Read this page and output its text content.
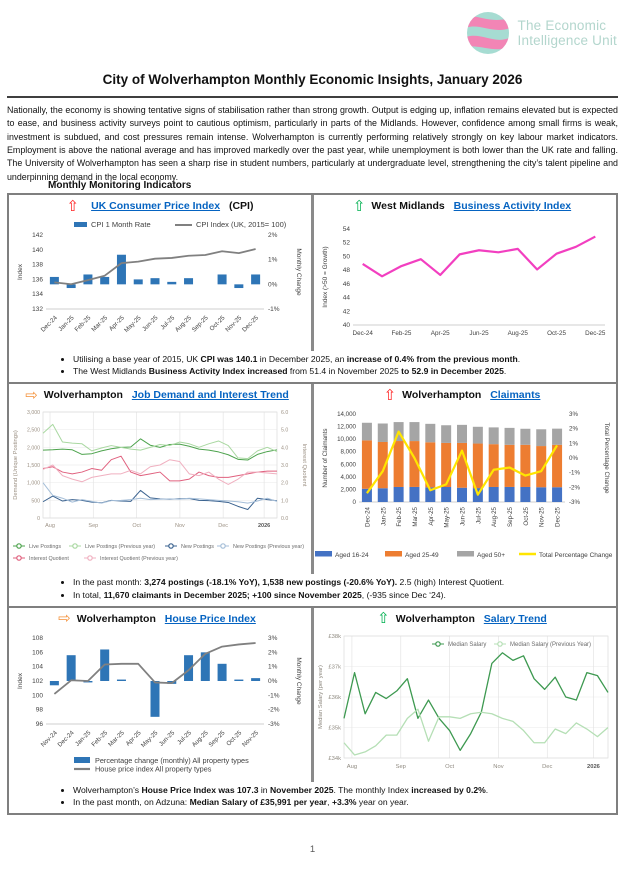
The Economic
Intelligence Unit
City of Wolverhampton Monthly Economic Insights, January 2026
Nationally, the economy is showing tentative signs of stabilisation rather than strong growth. Output is edging up, inflation remains elevated but is expected to ease, and business activity surveys point to cautious optimism, particularly in parts of the Midlands. However, confidence among small firms is weak, investment is subdued, and cost pressures remain intense. Wolverhampton is currently performing relatively strongly on key labour market indicators. Employment is above the national average and has improved markedly over the past year, while unemployment is both lower than the UK rate and falling. The University of Wolverhampton has seen a sharp rise in student numbers, particularly at undergraduate level, strengthening the city’s talent pipeline and underpinning demand in the local economy.
Monthly Monitoring Indicators
⇧ UK Consumer Price Index (CPI)
132
134
136
138
140
142
Index
-1%
0%
1%
2%
Monthly Change
Dec-24
Jan-25
Feb-25
Mar-25
Apr-25
May-25
Jun-25 Jul-25
Aug-25
Sep-25
Oct-25
Nov-25
Dec-25
CPI 1 Month Rate	CPI Index (UK, 2015= 100)
⇧ West Midlands Business Activity Index
40
42
44
46
48
50
52
54
Index (>50 = Growth)
Dec-24	Feb-25	Apr-25	Jun-25	Aug-25	Oct-25	Dec-25
• Utilising a base year of 2015, UK CPI was 140.1 in December 2025, an increase of 0.4% from the previous month.
• The West Midlands Business Activity Index increased from 51.4 in November 2025 to 52.9 in December 2025.
⇨ Wolverhampton Job Demand and Interest Trend
0
500
1,000
1,500
2,000
2,500
3,000
Demand (Unique Postings)
0.0
1.0
2.0
3.0
4.0
5.0
6.0
Interest Quotient
Aug	Sep	Oct	Nov	Dec	2026
Live Postings	Live Postings (Previous year)	New Postings	New Postings (Previous year)
Interest Quotient	Interest Quotient (Previous year)
⇧ Wolverhampton Claimants
0
2,000
4,000
6,000
8,000
10,000
12,000
14,000
Number of Claimants
-3%
-2%
-1%
0%
1%
2%
3%
Total Percentage Change
Dec-24 Jan-25 Feb-25 Mar-25 Apr-25 May-25 Jun-25 Jul-25 Aug-25 Sep-25 Oct-25 Nov-25 Dec-25
Aged 16-24	Aged 25-49	Aged 50+	Total Percentage Change
• In the past month: 3,274 postings (-18.1% YoY), 1,538 new postings (-20.6% YoY). 2.5 (high) Interest Quotient.
• In total, 11,670 claimants in December 2025; +100 since November 2025, (-935 since Dec ‘24).
⇨ Wolverhampton House Price Index
96
98
100
102
104
106
108
Index
-3%
-2%
-1%
0%
1%
2%
3%
Monthly Change
Nov-24
Dec-24
Jan-25
Feb-25
Mar-25
Apr-25
May-25
Jun-25 Jul-25
Aug-25
Sep-25
Oct-25
Nov-25
Percentage change (monthly) All property types
House price index All property types
⇧ Wolverhampton Salary Trend
£34k
£35k
£36k
£37k
£38k
Median Salary (per year)
Aug	Sep	Oct	Nov	Dec	2026
Median Salary	Median Salary (Previous Year)
• Wolverhampton’s House Price Index was 107.3 in November 2025. The monthly Index increased by 0.2%.
• In the past month, on Adzuna: Median Salary of £35,991 per year, +3.3% year on year.
1
